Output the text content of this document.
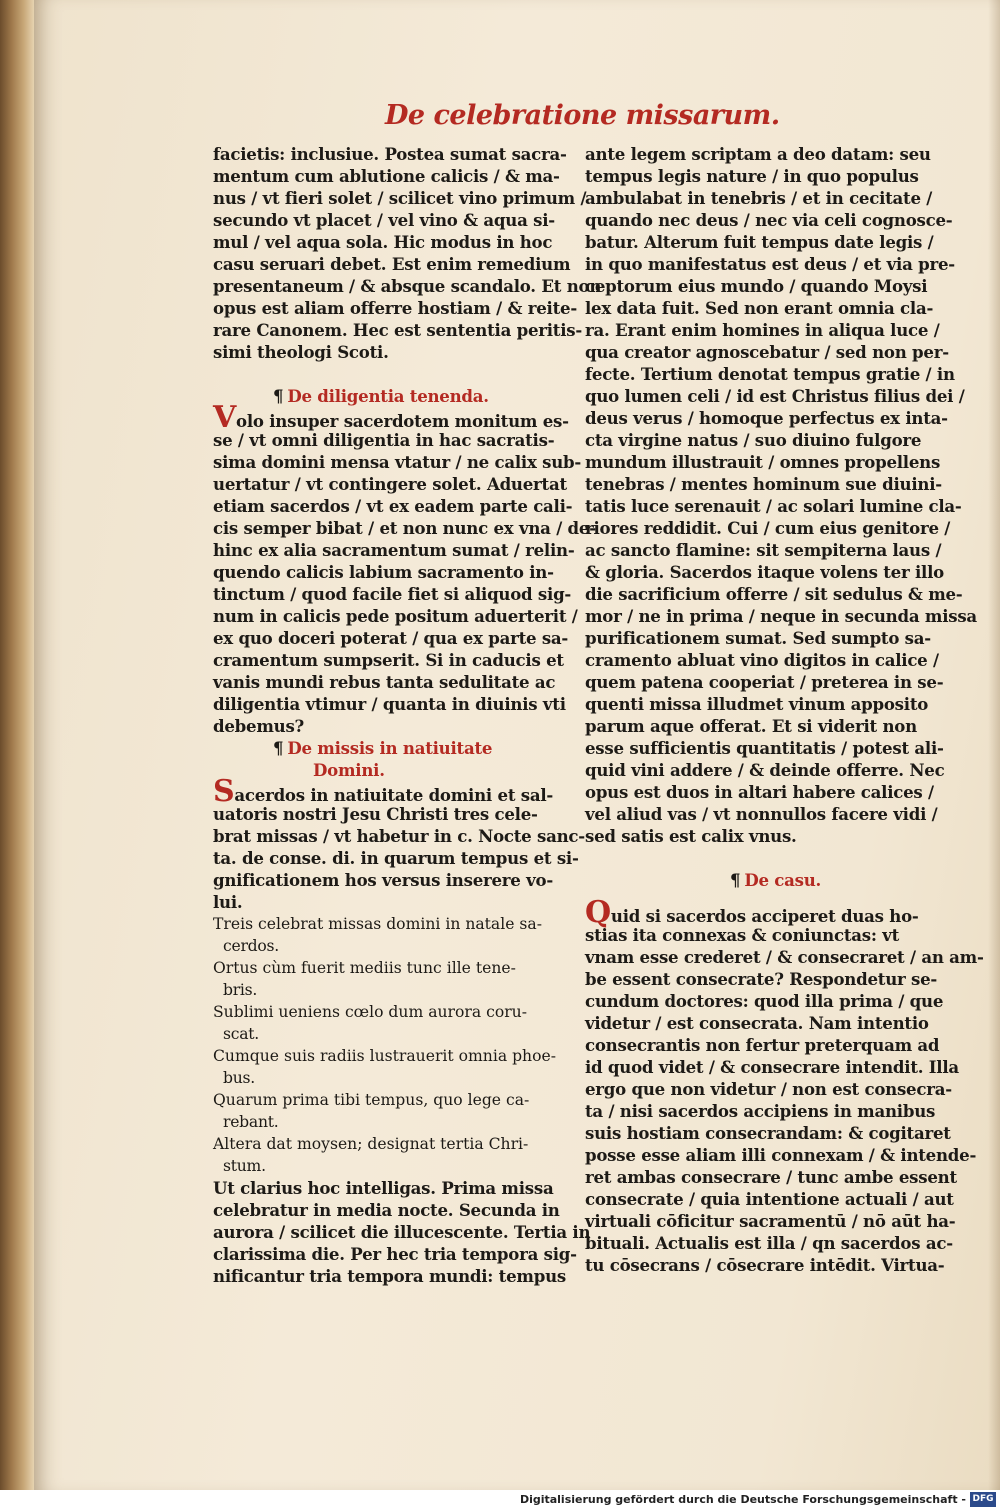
De celebratione missarum.
facietis: inclusiue. Postea sumat sacra-
mentum cum ablutione calicis / & ma-
nus / vt fieri solet / scilicet vino primum /
secundo vt placet / vel vino & aqua si-
mul / vel aqua sola. Hic modus in hoc
casu seruari debet. Est enim remedium
presentaneum / & absque scandalo. Et non
opus est aliam offerre hostiam / & reite-
rare Canonem. Hec est sententia peritis-
simi theologi Scoti.
¶ De diligentia tenenda.
Volo insuper sacerdotem monitum es-
se / vt omni diligentia in hac sacratis-
sima domini mensa vtatur / ne calix sub-
uertatur / vt contingere solet. Aduertat
etiam sacerdos / vt ex eadem parte cali-
cis semper bibat / et non nunc ex vna / de-
hinc ex alia sacramentum sumat / relin-
quendo calicis labium sacramento in-
tinctum / quod facile fiet si aliquod sig-
num in calicis pede positum aduerterit /
ex quo doceri poterat / qua ex parte sa-
cramentum sumpserit. Si in caducis et
vanis mundi rebus tanta sedulitate ac
diligentia vtimur / quanta in diuinis vti
debemus?
¶ De missis in natiuitate
Domini.
Sacerdos in natiuitate domini et sal-
uatoris nostri Jesu Christi tres cele-
brat missas / vt habetur in c. Nocte sanc-
ta. de conse. di. in quarum tempus et si-
gnificationem hos versus inserere vo-
lui.
Treis celebrat missas domini in natale sa-
cerdos.
Ortus cùm fuerit mediis tunc ille tene-
bris.
Sublimi ueniens cœlo dum aurora coru-
scat.
Cumque suis radiis lustrauerit omnia phoe-
bus.
Quarum prima tibi tempus, quo lege ca-
rebant.
Altera dat moysen; designat tertia Chri-
stum.
Ut clarius hoc intelligas. Prima missa
celebratur in media nocte. Secunda in
aurora / scilicet die illucescente. Tertia in
clarissima die. Per hec tria tempora sig-
nificantur tria tempora mundi: tempus
ante legem scriptam a deo datam: seu
tempus legis nature / in quo populus
ambulabat in tenebris / et in cecitate /
quando nec deus / nec via celi cognosce-
batur. Alterum fuit tempus date legis /
in quo manifestatus est deus / et via pre-
ceptorum eius mundo / quando Moysi
lex data fuit. Sed non erant omnia cla-
ra. Erant enim homines in aliqua luce /
qua creator agnoscebatur / sed non per-
fecte. Tertium denotat tempus gratie / in
quo lumen celi / id est Christus filius dei /
deus verus / homoque perfectus ex inta-
cta virgine natus / suo diuino fulgore
mundum illustrauit / omnes propellens
tenebras / mentes hominum sue diuini-
tatis luce serenauit / ac solari lumine cla-
riores reddidit. Cui / cum eius genitore /
ac sancto flamine: sit sempiterna laus /
& gloria. Sacerdos itaque volens ter illo
die sacrificium offerre / sit sedulus & me-
mor / ne in prima / neque in secunda missa
purificationem sumat. Sed sumpto sa-
cramento abluat vino digitos in calice /
quem patena cooperiat / preterea in se-
quenti missa illudmet vinum apposito
parum aque offerat. Et si viderit non
esse sufficientis quantitatis / potest ali-
quid vini addere / & deinde offerre. Nec
opus est duos in altari habere calices /
vel aliud vas / vt nonnullos facere vidi /
sed satis est calix vnus.
¶ De casu.
Quid si sacerdos acciperet duas ho-
stias ita connexas & coniunctas: vt
vnam esse crederet / & consecraret / an am-
be essent consecrate? Respondetur se-
cundum doctores: quod illa prima / que
videtur / est consecrata. Nam intentio
consecrantis non fertur preterquam ad
id quod videt / & consecrare intendit. Illa
ergo que non videtur / non est consecra-
ta / nisi sacerdos accipiens in manibus
suis hostiam consecrandam: & cogitaret
posse esse aliam illi connexam / & intende-
ret ambas consecrare / tunc ambe essent
consecrate / quia intentione actuali / aut
virtuali cōficitur sacramentū / nō aūt ha-
bituali. Actualis est illa / qn sacerdos ac-
tu cōsecrans / cōsecrare intēdit. Virtua-
Digitalisierung gefördert durch die Deutsche Forschungsgemeinschaft - DFG
